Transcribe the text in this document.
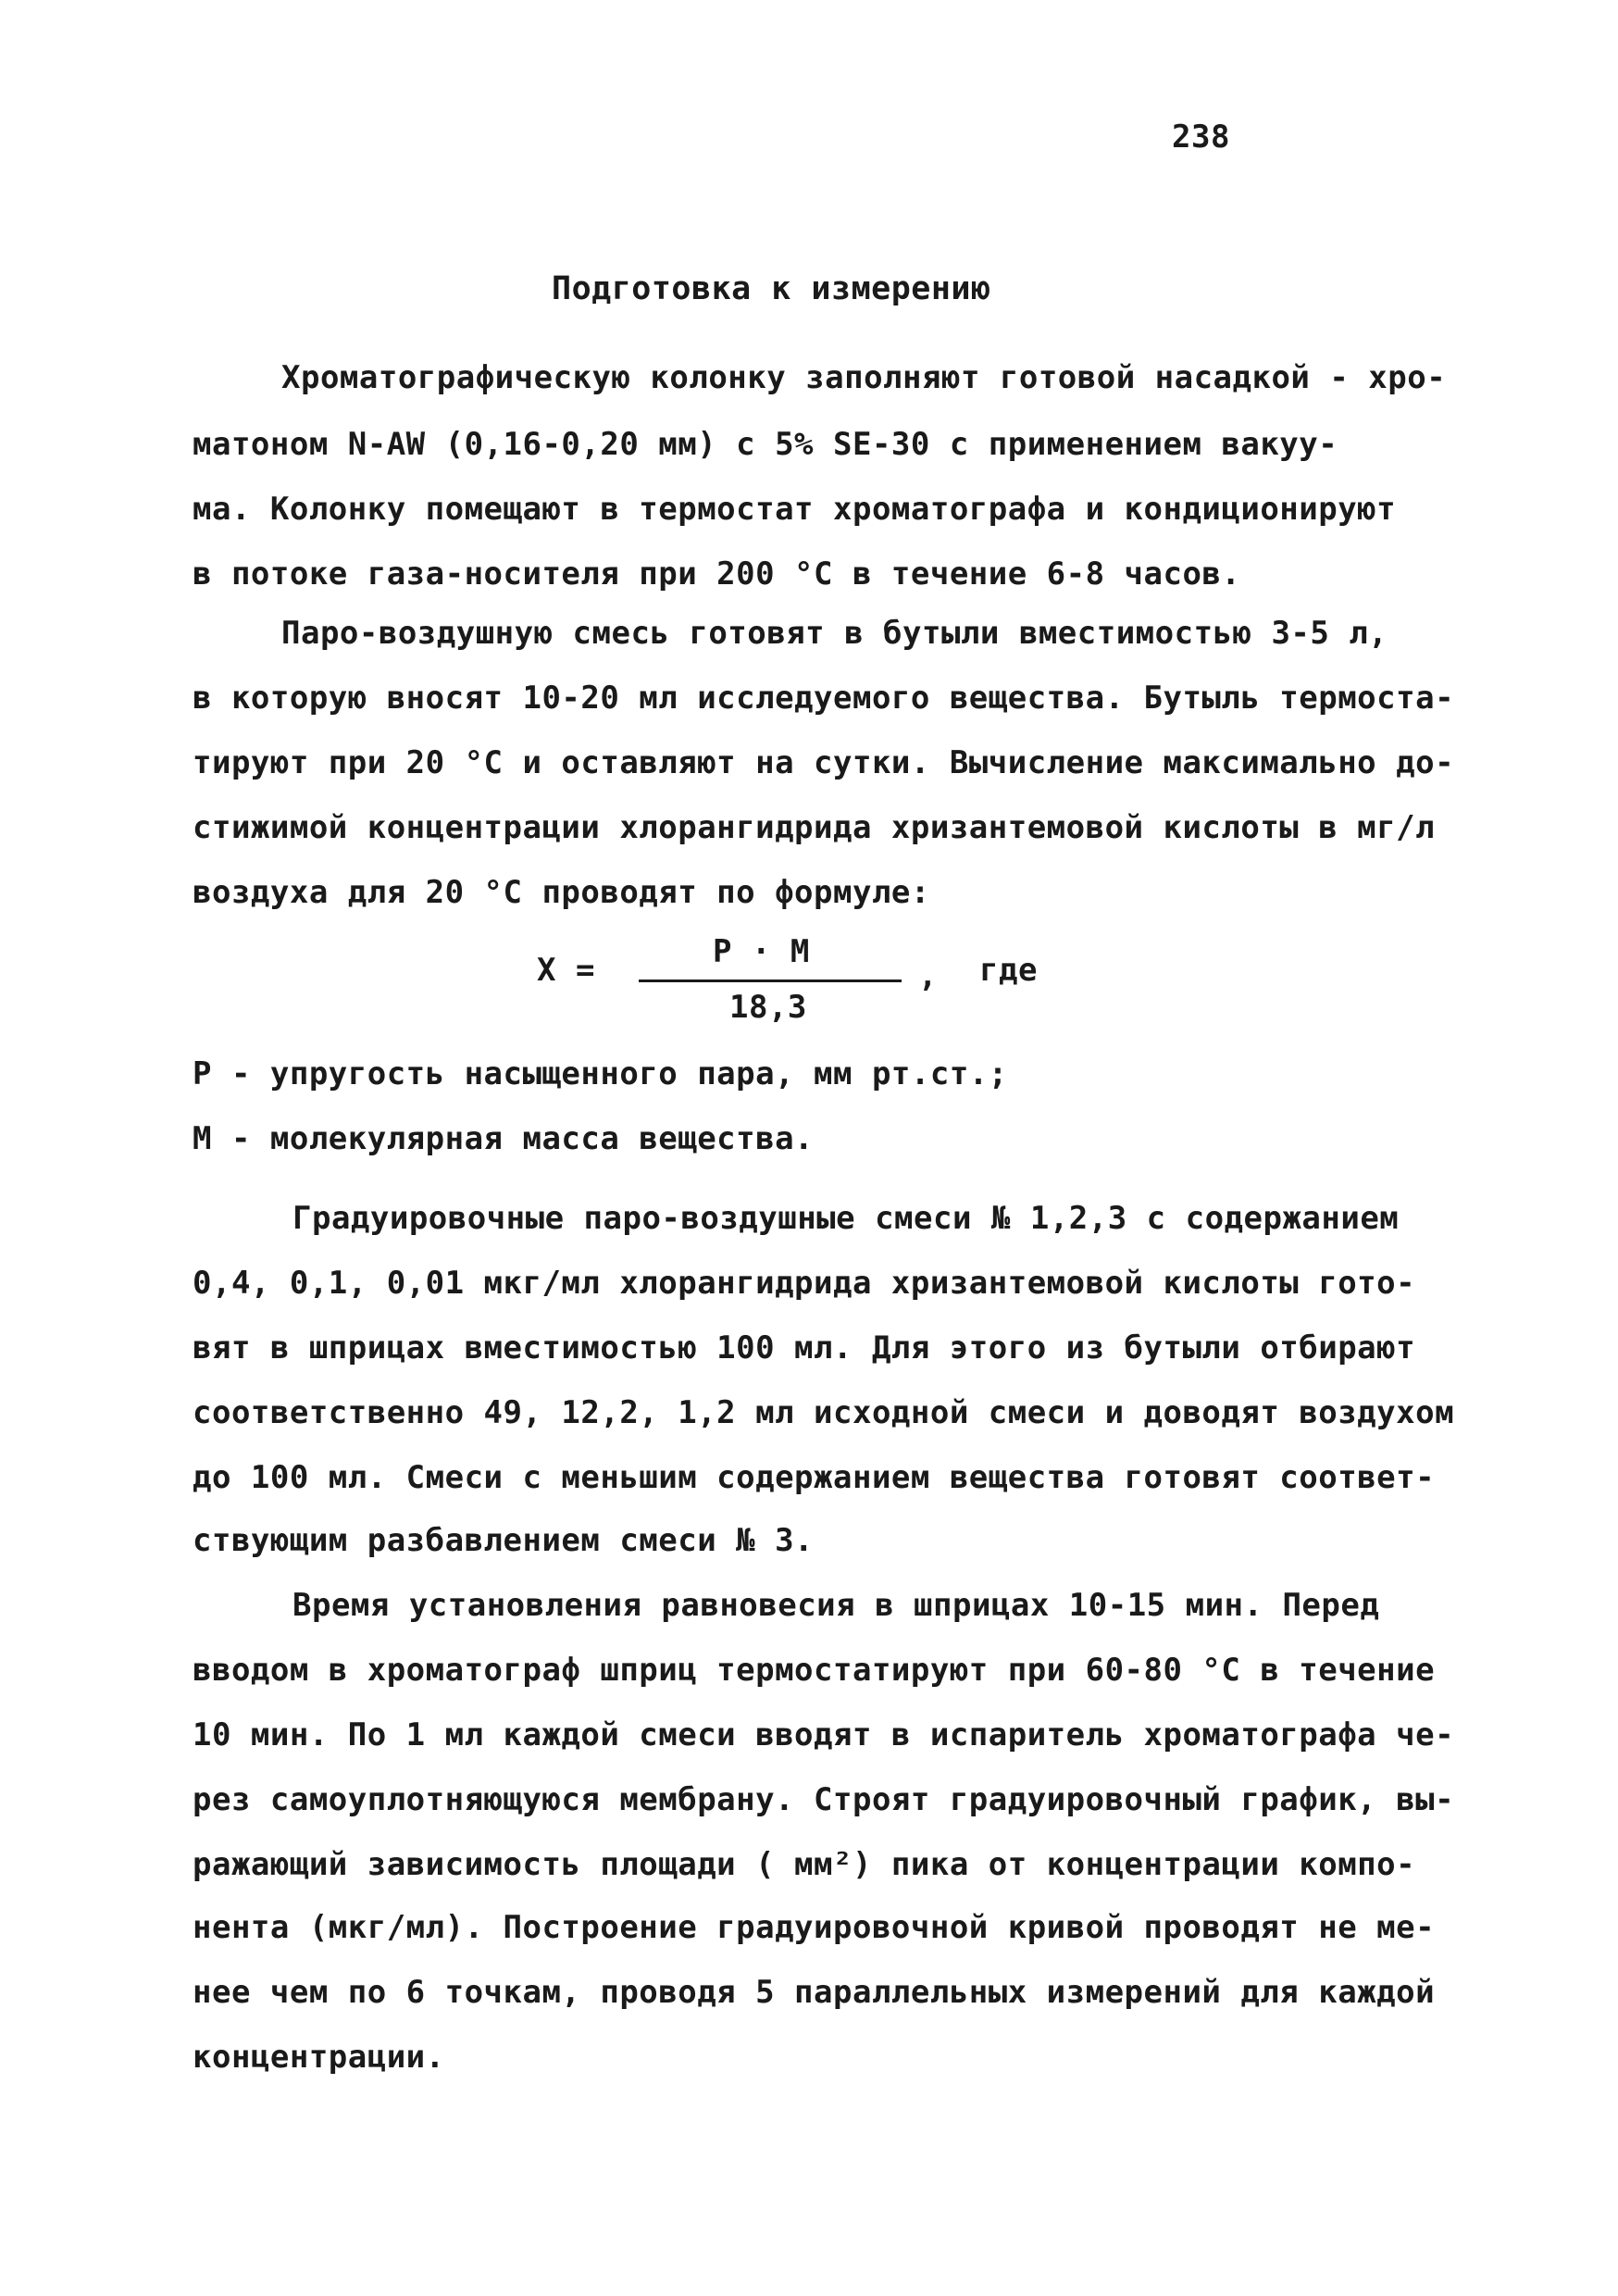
238
Подготовка к измерению
Хроматографическую колонку заполняют готовой насадкой - хро-
матоном N-AW (0,16-0,20 мм) с 5% SE-30 с применением вакуу-
ма. Колонку помещают в термостат хроматографа и кондиционируют
в потоке газа-носителя при 200 °С в течение 6-8 часов.
Паро-воздушную смесь готовят в бутыли вместимостью 3-5 л,
в которую вносят 10-20 мл исследуемого вещества. Бутыль термоста-
тируют при 20 °С и оставляют на сутки. Вычисление максимально до-
стижимой концентрации хлорангидрида хризантемовой кислоты в мг/л
воздуха для 20 °С проводят по формуле:
X =	P · M
,
18,3
где
P - упругость насыщенного пара, мм рт.ст.;
M - молекулярная масса вещества.
Градуировочные паро-воздушные смеси № 1,2,3 с содержанием
0,4, 0,1, 0,01 мкг/мл хлорангидрида хризантемовой кислоты гото-
вят в шприцах вместимостью 100 мл. Для этого из бутыли отбирают
соответственно 49, 12,2, 1,2 мл исходной смеси и доводят воздухом
до 100 мл. Смеси с меньшим содержанием вещества готовят соответ-
ствующим разбавлением смеси № 3.
Время установления равновесия в шприцах 10-15 мин. Перед
вводом в хроматограф шприц термостатируют при 60-80 °С в течение
10 мин. По 1 мл каждой смеси вводят в испаритель хроматографа че-
рез самоуплотняющуюся мембрану. Строят градуировочный график, вы-
ражающий зависимость площади ( мм²) пика от концентрации компо-
нента (мкг/мл). Построение градуировочной кривой проводят не ме-
нее чем по 6 точкам, проводя 5 параллельных измерений для каждой
концентрации.
